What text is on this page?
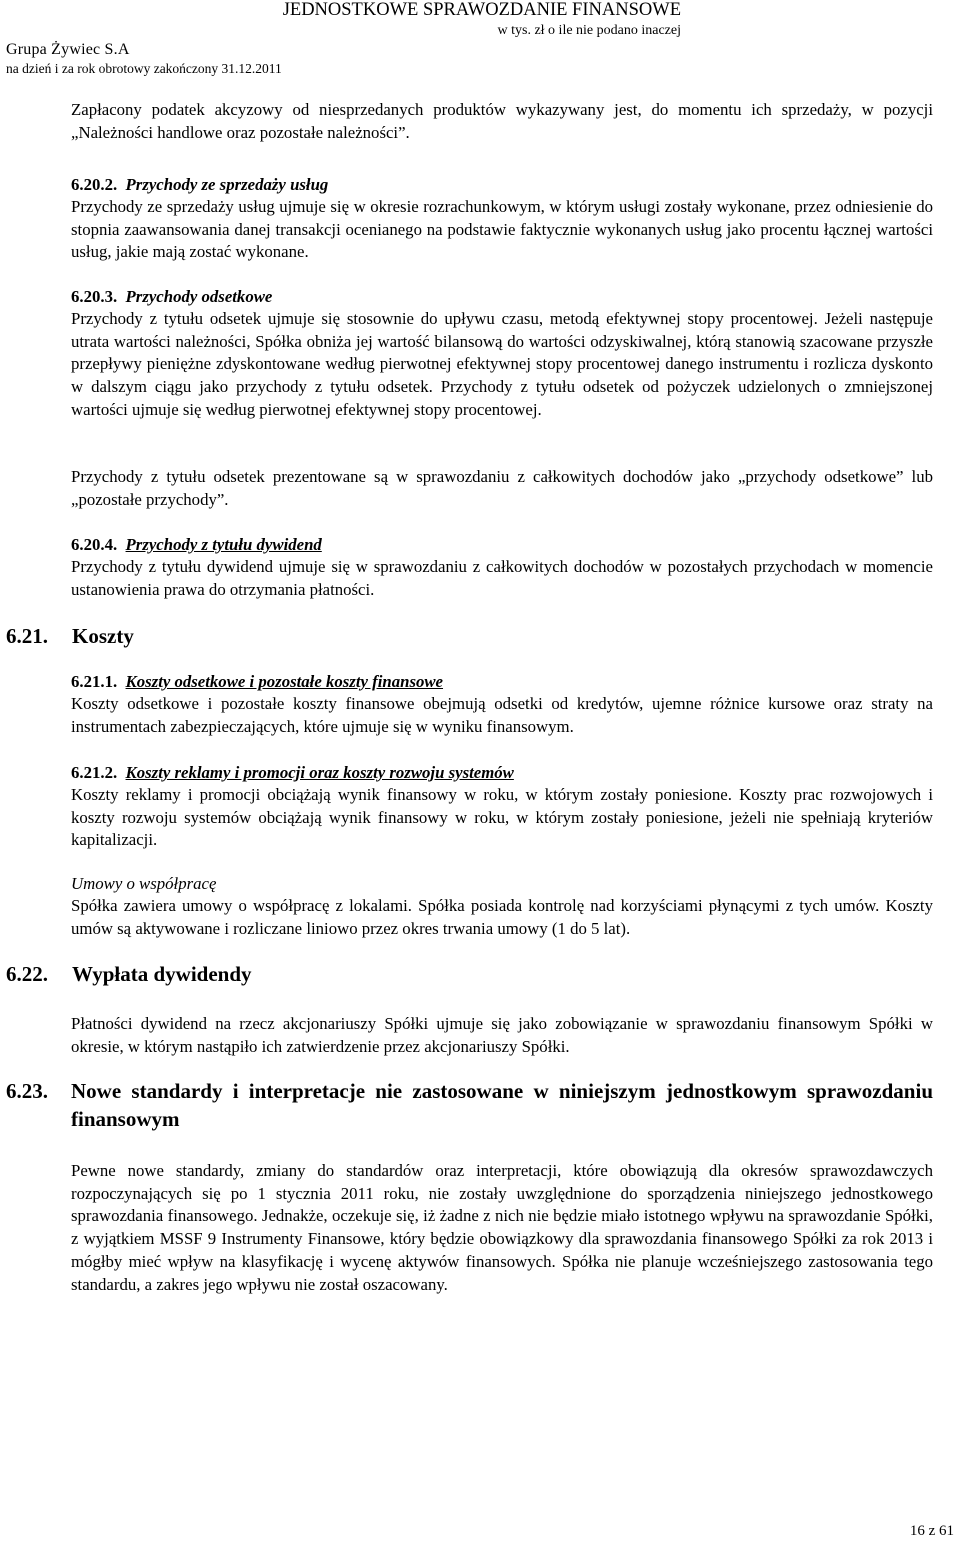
Grupa Żywiec S.A
na dzień i za rok obrotowy zakończony 31.12.2011
JEDNOSTKOWE SPRAWOZDANIE FINANSOWE
w tys. zł o ile nie podano inaczej

Zapłacony podatek akcyzowy od niesprzedanych produktów wykazywany jest, do momentu ich sprzedaży, w pozycji „Należności handlowe oraz pozostałe należności”.

6.20.2. Przychody ze sprzedaży usług

Przychody ze sprzedaży usług ujmuje się w okresie rozrachunkowym, w którym usługi zostały wykonane, przez odniesienie do stopnia zaawansowania danej transakcji ocenianego na podstawie faktycznie wykonanych usług jako procentu łącznej wartości usług, jakie mają zostać wykonane.

6.20.3. Przychody odsetkowe

Przychody z tytułu odsetek ujmuje się stosownie do upływu czasu, metodą efektywnej stopy procentowej. Jeżeli następuje utrata wartości należności, Spółka obniża jej wartość bilansową do wartości odzyskiwalnej, którą stanowią szacowane przyszłe przepływy pieniężne zdyskontowane według pierwotnej efektywnej stopy procentowej danego instrumentu i rozlicza dyskonto w dalszym ciągu jako przychody z tytułu odsetek. Przychody z tytułu odsetek od pożyczek udzielonych o zmniejszonej wartości ujmuje się według pierwotnej efektywnej stopy procentowej.

Przychody z tytułu odsetek prezentowane są w sprawozdaniu z całkowitych dochodów jako „przychody odsetkowe” lub „pozostałe przychody”.

6.20.4. Przychody z tytułu dywidend

Przychody z tytułu dywidend ujmuje się w sprawozdaniu z całkowitych dochodów w pozostałych przychodach w momencie ustanowienia prawa do otrzymania płatności.

6.21. Koszty
6.21.1. Koszty odsetkowe i pozostałe koszty finansowe

Koszty odsetkowe i pozostałe koszty finansowe obejmują odsetki od kredytów, ujemne różnice kursowe oraz straty na instrumentach zabezpieczających, które ujmuje się w wyniku finansowym.

6.21.2. Koszty reklamy i promocji oraz koszty rozwoju systemów

Koszty reklamy i promocji obciążają wynik finansowy w roku, w którym zostały poniesione. Koszty prac rozwojowych i koszty rozwoju systemów obciążają wynik finansowy w roku, w którym zostały poniesione, jeżeli nie spełniają kryteriów kapitalizacji.

Umowy o współpracę

Spółka zawiera umowy o współpracę z lokalami. Spółka posiada kontrolę nad korzyściami płynącymi z tych umów. Koszty umów są aktywowane i rozliczane liniowo przez okres trwania umowy (1 do 5 lat).

6.22. Wypłata dywidendy

Płatności dywidend na rzecz akcjonariuszy Spółki ujmuje się jako zobowiązanie w sprawozdaniu finansowym Spółki w okresie, w którym nastąpiło ich zatwierdzenie przez akcjonariuszy Spółki.

6.23. Nowe standardy i interpretacje nie zastosowane w niniejszym jednostkowym sprawozdaniu finansowym

Pewne nowe standardy, zmiany do standardów oraz interpretacji, które obowiązują dla okresów sprawozdawczych rozpoczynających się po 1 stycznia 2011 roku, nie zostały uwzględnione do sporządzenia niniejszego jednostkowego sprawozdania finansowego. Jednakże, oczekuje się, iż żadne z nich nie będzie miało istotnego wpływu na sprawozdanie Spółki, z wyjątkiem MSSF 9 Instrumenty Finansowe, który będzie obowiązkowy dla sprawozdania finansowego Spółki za rok 2013 i mógłby mieć wpływ na klasyfikację i wycenę aktywów finansowych. Spółka nie planuje wcześniejszego zastosowania tego standardu, a zakres jego wpływu nie został oszacowany.

16 z 61
